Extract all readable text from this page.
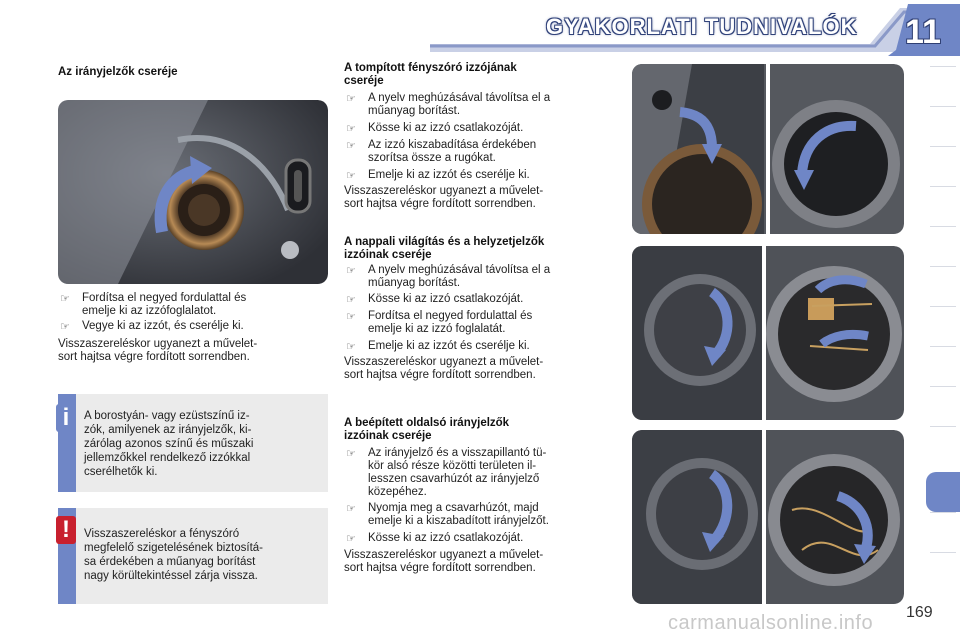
GYAKORLATI TUDNIVALÓK 11
Az irányjelzők cseréje
☞ Fordítsa el negyed fordulattal és
emelje ki az izzófoglalatot.
☞ Vegye ki az izzót, és cserélje ki.
Visszaszereléskor ugyanezt a művelet-
sort hajtsa végre fordított sorrendben.
i	A borostyán- vagy ezüstszínű iz-
zók, amilyenek az irányjelzők, ki-
zárólag azonos színű és műszaki
jellemzőkkel rendelkező izzókkal
cserélhetők ki.
!	Visszaszereléskor a fényszóró
megfelelő szigetelésének biztosítá-
sa érdekében a műanyag borítást
nagy körültekintéssel zárja vissza.
A tompított fényszóró izzójának
cseréje
☞ A nyelv meghúzásával távolítsa el a
műanyag borítást.
☞ Kösse ki az izzó csatlakozóját.
☞ Az izzó kiszabadítása érdekében
szorítsa össze a rugókat.
☞ Emelje ki az izzót és cserélje ki.
Visszaszereléskor ugyanezt a művelet-
sort hajtsa végre fordított sorrendben.
A nappali világítás és a helyzetjelzők
izzóinak cseréje
☞ A nyelv meghúzásával távolítsa el a
műanyag borítást.
☞ Kösse ki az izzó csatlakozóját.
☞ Fordítsa el negyed fordulattal és
emelje ki az izzó foglalatát.
☞ Emelje ki az izzót és cserélje ki.
Visszaszereléskor ugyanezt a művelet-
sort hajtsa végre fordított sorrendben.
A beépített oldalsó irányjelzők
izzóinak cseréje
☞ Az irányjelző és a visszapillantó tü-
kör alsó része közötti területen il-
lesszen csavarhúzót az irányjelző
közepéhez.
☞ Nyomja meg a csavarhúzót, majd
emelje ki a kiszabadított irányjelzőt.
☞ Kösse ki az izzó csatlakozóját.
Visszaszereléskor ugyanezt a művelet-
sort hajtsa végre fordított sorrendben.
169
carmanualsonline.info
